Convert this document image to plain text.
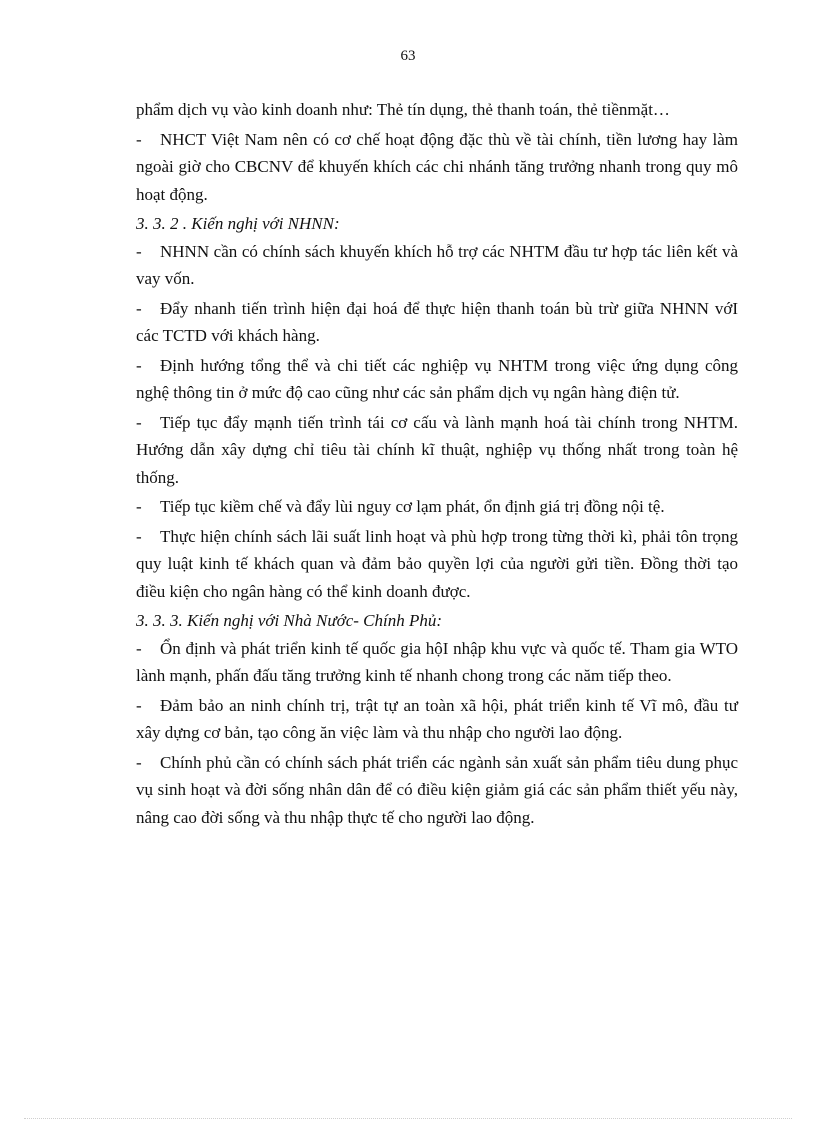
63
phẩm dịch vụ vào kinh doanh như: Thẻ tín dụng, thẻ thanh toán, thẻ tiềnmặt…
- NHCT Việt Nam nên có cơ chế hoạt động đặc thù về tài chính, tiền lương hay làm ngoài giờ cho CBCNV để khuyến khích các chi nhánh tăng trưởng nhanh trong quy mô hoạt động.
3. 3. 2 . Kiến nghị với NHNN:
- NHNN cần có chính sách khuyến khích hỗ trợ các NHTM đầu tư hợp tác liên kết và vay vốn.
- Đẩy nhanh tiến trình hiện đại hoá để thực hiện thanh toán bù trừ giữa NHNN vớI các TCTD với khách hàng.
- Định hướng tổng thể và chi tiết các nghiệp vụ NHTM trong việc ứng dụng công nghệ thông tin ở mức độ cao cũng như các sản phẩm dịch vụ ngân hàng điện tử.
- Tiếp tục đẩy mạnh tiến trình tái cơ cấu và lành mạnh hoá tài chính trong NHTM. Hướng dẫn xây dựng chỉ tiêu tài chính kĩ thuật, nghiệp vụ thống nhất trong toàn hệ thống.
- Tiếp tục kiềm chế và đẩy lùi nguy cơ lạm phát, ổn định giá trị đồng nội tệ.
- Thực hiện chính sách lãi suất linh hoạt và phù hợp trong từng thời kì, phải tôn trọng quy luật kinh tế khách quan và đảm bảo quyền lợi của người gửi tiền. Đồng thời tạo điều kiện cho ngân hàng có thể kinh doanh được.
3. 3. 3. Kiến nghị với Nhà Nước- Chính Phủ:
- Ổn định và phát triển kinh tế quốc gia hộI nhập khu vực và quốc tế. Tham gia WTO lành mạnh, phấn đấu tăng trưởng kinh tế nhanh chong trong các năm tiếp theo.
- Đảm bảo an ninh chính trị, trật tự an toàn xã hội, phát triển kinh tế Vĩ mô, đầu tư xây dựng cơ bản, tạo công ăn việc làm và thu nhập cho người lao động.
- Chính phủ cần có chính sách phát triển các ngành sản xuất sản phẩm tiêu dung phục vụ sinh hoạt và đời sống nhân dân để có điều kiện giảm giá các sản phẩm thiết yếu này, nâng cao đời sống và thu nhập thực tế cho người lao động.
